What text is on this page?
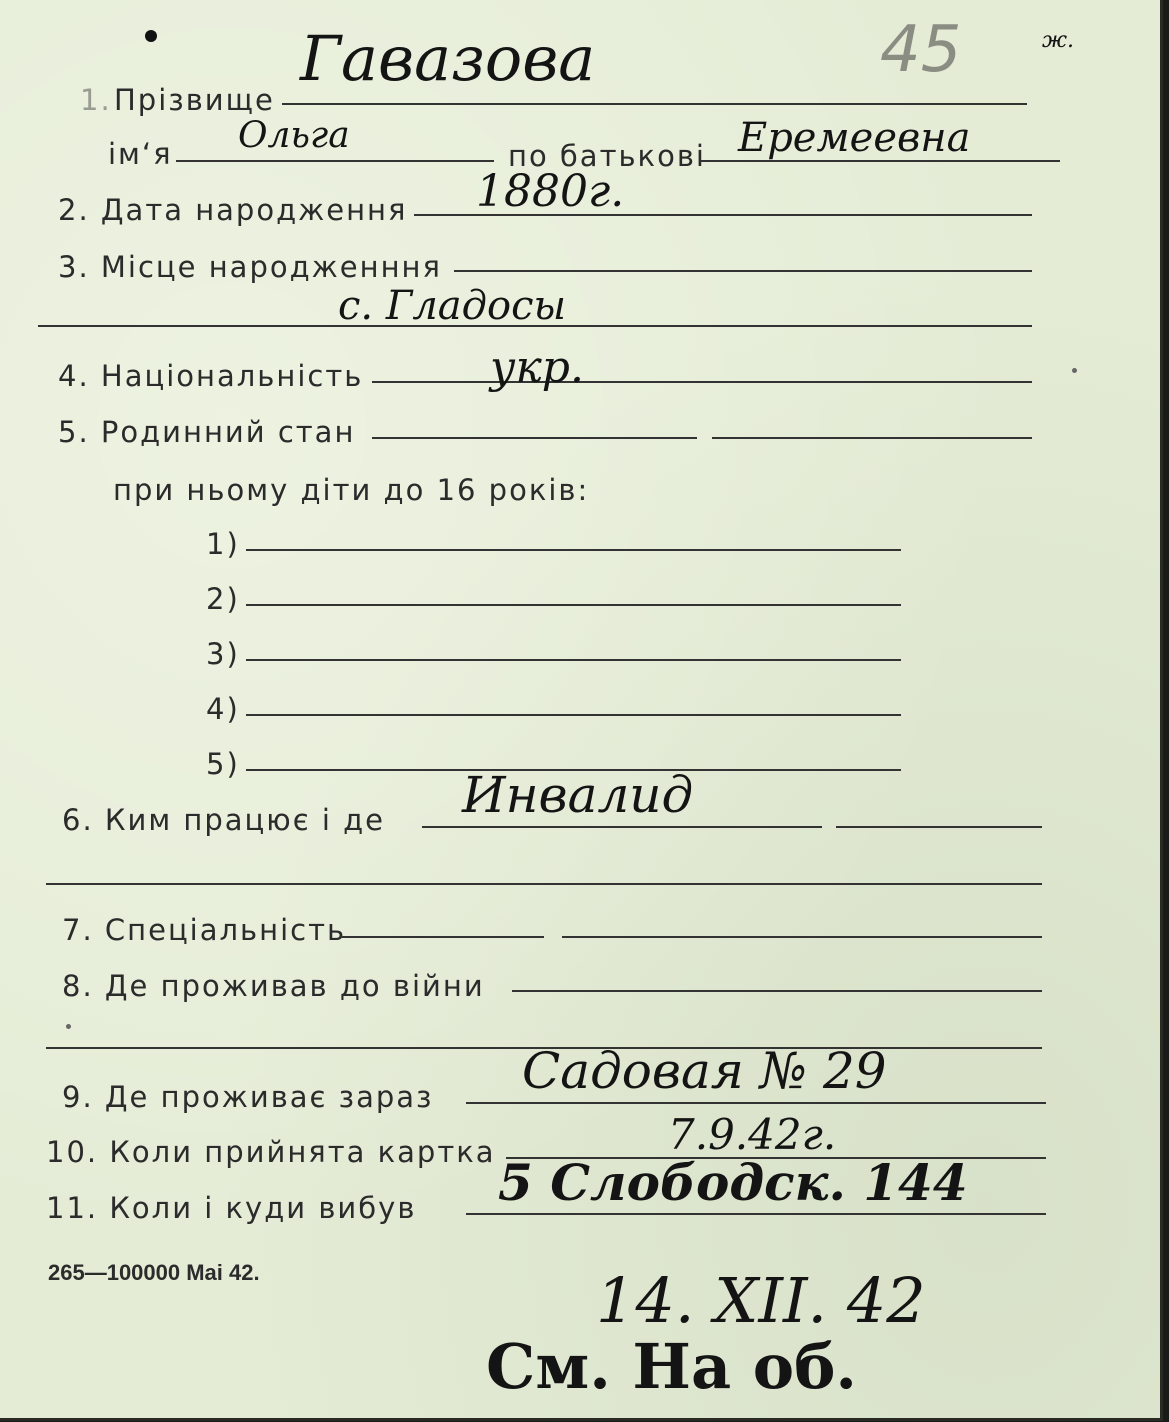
45	ж.
1. Прізвище
Гавазова
ім‘я Ольга	по батькові Еремеевна
2. Дата народження 1880г.
3. Місце народженння
с. Гладосы
4. Національність	укр.
5. Родинний стан
при ньому діти до 16 років:
1)
2)
3)
4)
5)
6. Ким працює і де Инвалид
7. Спеціальність
8. Де проживав до війни
9. Де проживає зараз Садовая № 29
10. Коли прийнята картка	7.9.42г.
11. Коли і куди вибув 5 Слободск. 144
265—100000 Mai 42.	14. XII. 42
См. На об.
